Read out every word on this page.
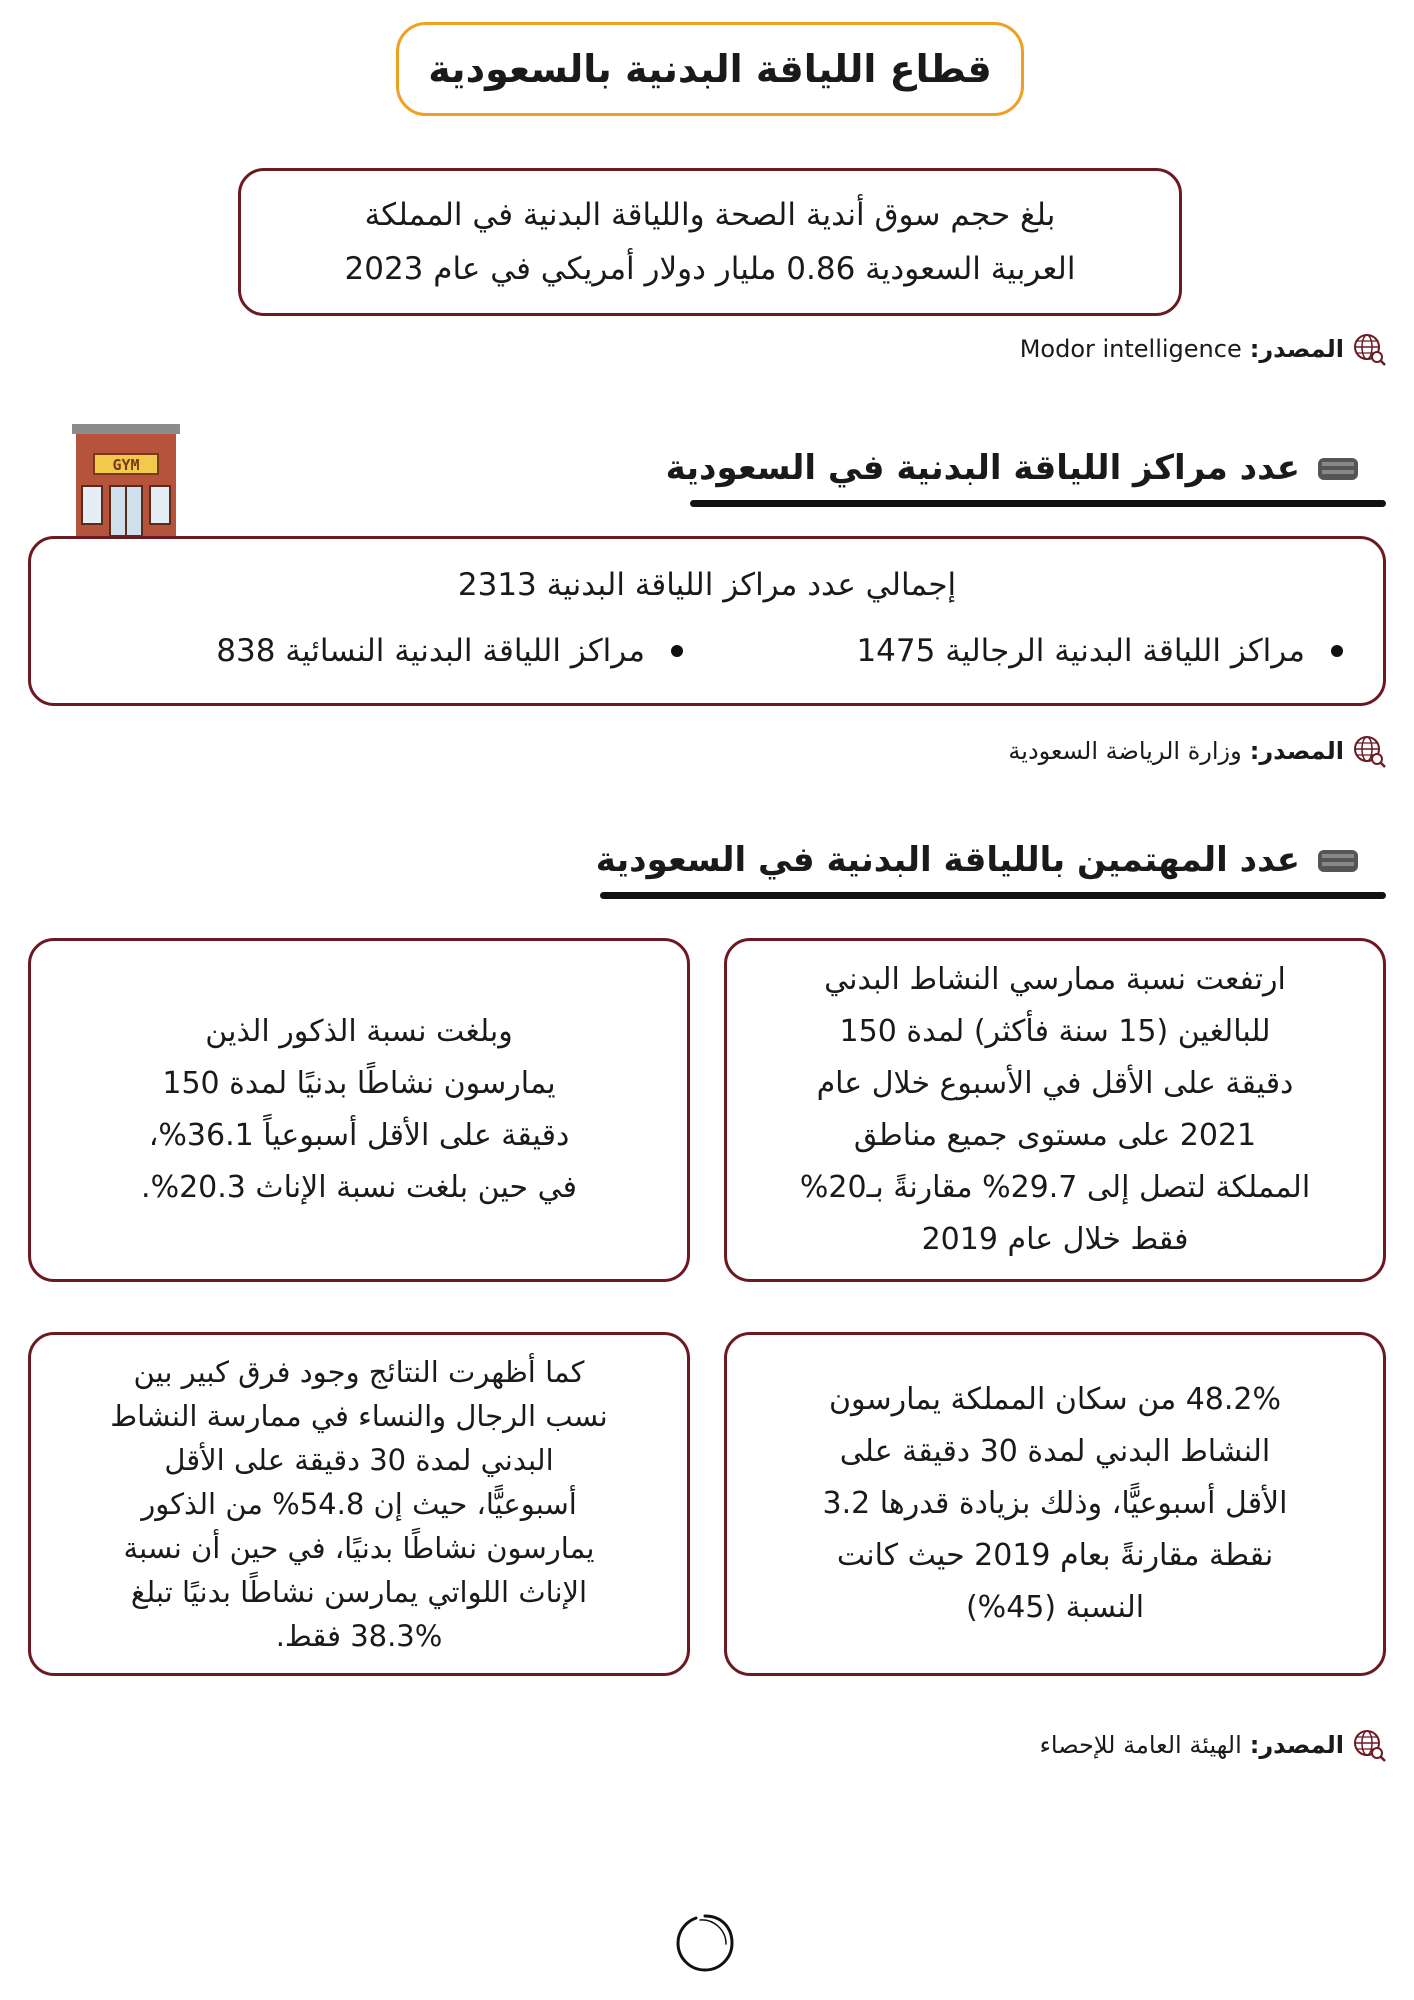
قطاع اللياقة البدنية بالسعودية
بلغ حجم سوق أندية الصحة واللياقة البدنية في المملكة
العربية السعودية 0.86 مليار دولار أمريكي في عام 2023
المصدر:
Modor intelligence
GYM	عدد مراكز اللياقة البدنية في السعودية
إجمالي عدد مراكز اللياقة البدنية 2313
مراكز اللياقة البدنية الرجالية 1475
مراكز اللياقة البدنية النسائية 838
المصدر:
وزارة الرياضة السعودية
عدد المهتمين باللياقة البدنية في السعودية
ارتفعت نسبة ممارسي النشاط البدني
للبالغين (15 سنة فأكثر) لمدة 150
دقيقة على الأقل في الأسبوع خلال عام
2021 على مستوى جميع مناطق
المملكة لتصل إلى 29.7% مقارنةً بـ20%
فقط خلال عام 2019
وبلغت نسبة الذكور الذين
يمارسون نشاطًا بدنيًا لمدة 150
دقيقة على الأقل أسبوعياً 36.1%،
في حين بلغت نسبة الإناث 20.3%.
48.2% من سكان المملكة يمارسون
النشاط البدني لمدة 30 دقيقة على
الأقل أسبوعيًّا، وذلك بزيادة قدرها 3.2
نقطة مقارنةً بعام 2019 حيث كانت
النسبة (45%)
كما أظهرت النتائج وجود فرق كبير بين
نسب الرجال والنساء في ممارسة النشاط
البدني لمدة 30 دقيقة على الأقل
أسبوعيًّا، حيث إن 54.8% من الذكور
يمارسون نشاطًا بدنيًا، في حين أن نسبة
الإناث اللواتي يمارسن نشاطًا بدنيًا تبلغ
38.3% فقط.
المصدر:
الهيئة العامة للإحصاء
